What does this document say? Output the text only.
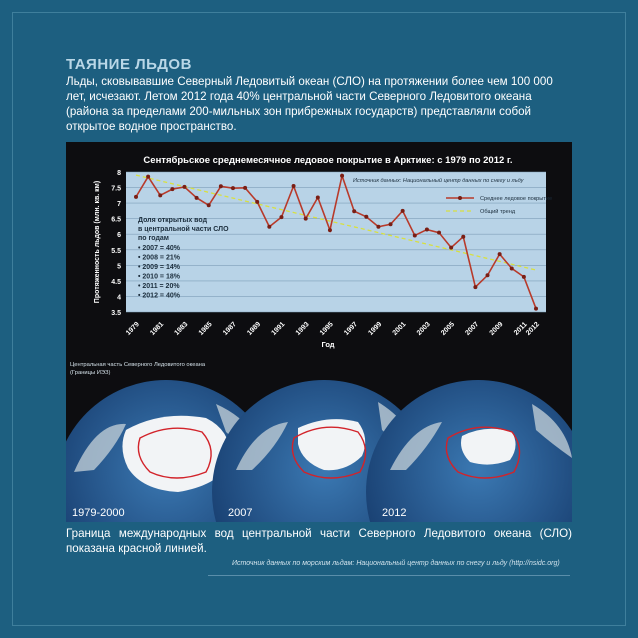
ТАЯНИЕ ЛЬДОВ
Льды, сковывавшие Северный Ледовитый океан (СЛО) на протяжении более чем 100 000 лет, исчезают. Летом 2012 года 40% центральной части Северного Ледовитого океана (района за пределами 200-мильных зон прибрежных государств) представляли собой открытое водное пространство.
Сентябрьское среднемесячное ледовое покрытие в Арктике: с 1979 по 2012 г.
3.5
4
4.5
5
5.5
6
6.5
7
7.5
8
1979 1981 1983 1985 1987 1989 1991 1993 1995 1997 1999 2001 2003 2005 2007 2009 2011
2012
Протяженность льдов (млн. кв. км)
Год
Источник данных: Национальный центр данных по снегу и льду
Среднее ледовое покрытие
Общий тренд
Доля открытых вод
в центральной части СЛО
по годам
• 2007 = 40%
• 2008 = 21%
• 2009 = 14%
• 2010 = 18%
• 2011 = 20%
• 2012 = 40%
Центральная часть Северного Ледовитого океана
(Границы ИЭЗ)
1979-2000	2007	2012
Граница международных вод центральной части Северного Ледовитого океана (СЛО) показана красной линией.
Источник данных по морским льдам: Национальный центр данных по снегу и льду (http://nsidc.org)
